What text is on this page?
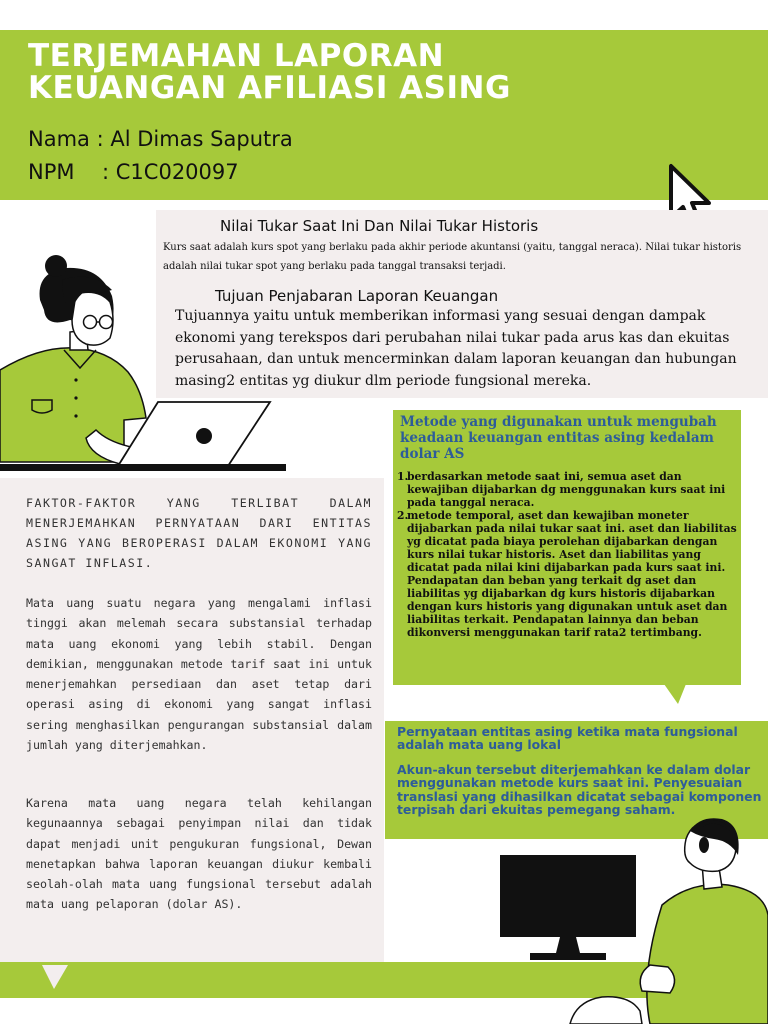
TERJEMAHAN LAPORAN
KEUANGAN AFILIASI ASING
Nama : Al Dimas Saputra
NPM : C1C020097
Nilai Tukar Saat Ini Dan Nilai Tukar Historis
Kurs saat adalah kurs spot yang berlaku pada akhir periode akuntansi (yaitu, tanggal neraca). Nilai tukar historis adalah nilai tukar spot yang berlaku pada tanggal transaksi terjadi.
Tujuan Penjabaran Laporan Keuangan
Tujuannya yaitu untuk memberikan informasi yang sesuai dengan dampak ekonomi yang terekspos dari perubahan nilai tukar pada arus kas dan ekuitas perusahaan, dan untuk mencerminkan dalam laporan keuangan dan hubungan masing2 entitas yg diukur dlm periode fungsional mereka.
Metode yang digunakan untuk mengubah keadaan keuangan entitas asing kedalam dolar AS
1.
berdasarkan metode saat ini, semua aset dan kewajiban dijabarkan dg menggunakan kurs saat ini pada tanggal neraca.
2.
metode temporal, aset dan kewajiban moneter dijabarkan pada nilai tukar saat ini. aset dan liabilitas yg dicatat pada biaya perolehan dijabarkan dengan kurs nilai tukar historis. Aset dan liabilitas yang dicatat pada nilai kini dijabarkan pada kurs saat ini. Pendapatan dan beban yang terkait dg aset dan liabilitas yg dijabarkan dg kurs historis dijabarkan dengan kurs historis yang digunakan untuk aset dan liabilitas terkait. Pendapatan lainnya dan beban dikonversi menggunakan tarif rata2 tertimbang.
FAKTOR-FAKTOR YANG TERLIBAT DALAM MENERJEMAHKAN PERNYATAAN DARI ENTITAS ASING YANG BEROPERASI DALAM EKONOMI YANG SANGAT INFLASI.
Mata uang suatu negara yang mengalami inflasi tinggi akan melemah secara substansial terhadap mata uang ekonomi yang lebih stabil. Dengan demikian, menggunakan metode tarif saat ini untuk menerjemahkan persediaan dan aset tetap dari operasi asing di ekonomi yang sangat inflasi sering menghasilkan pengurangan substansial dalam jumlah yang diterjemahkan.
Karena mata uang negara telah kehilangan kegunaannya sebagai penyimpan nilai dan tidak dapat menjadi unit pengukuran fungsional, Dewan menetapkan bahwa laporan keuangan diukur kembali seolah-olah mata uang fungsional tersebut adalah mata uang pelaporan (dolar AS).
Pernyataan entitas asing ketika mata fungsional adalah mata uang lokal
Akun-akun tersebut diterjemahkan ke dalam dolar menggunakan metode kurs saat ini. Penyesuaian translasi yang dihasilkan dicatat sebagai komponen terpisah dari ekuitas pemegang saham.
